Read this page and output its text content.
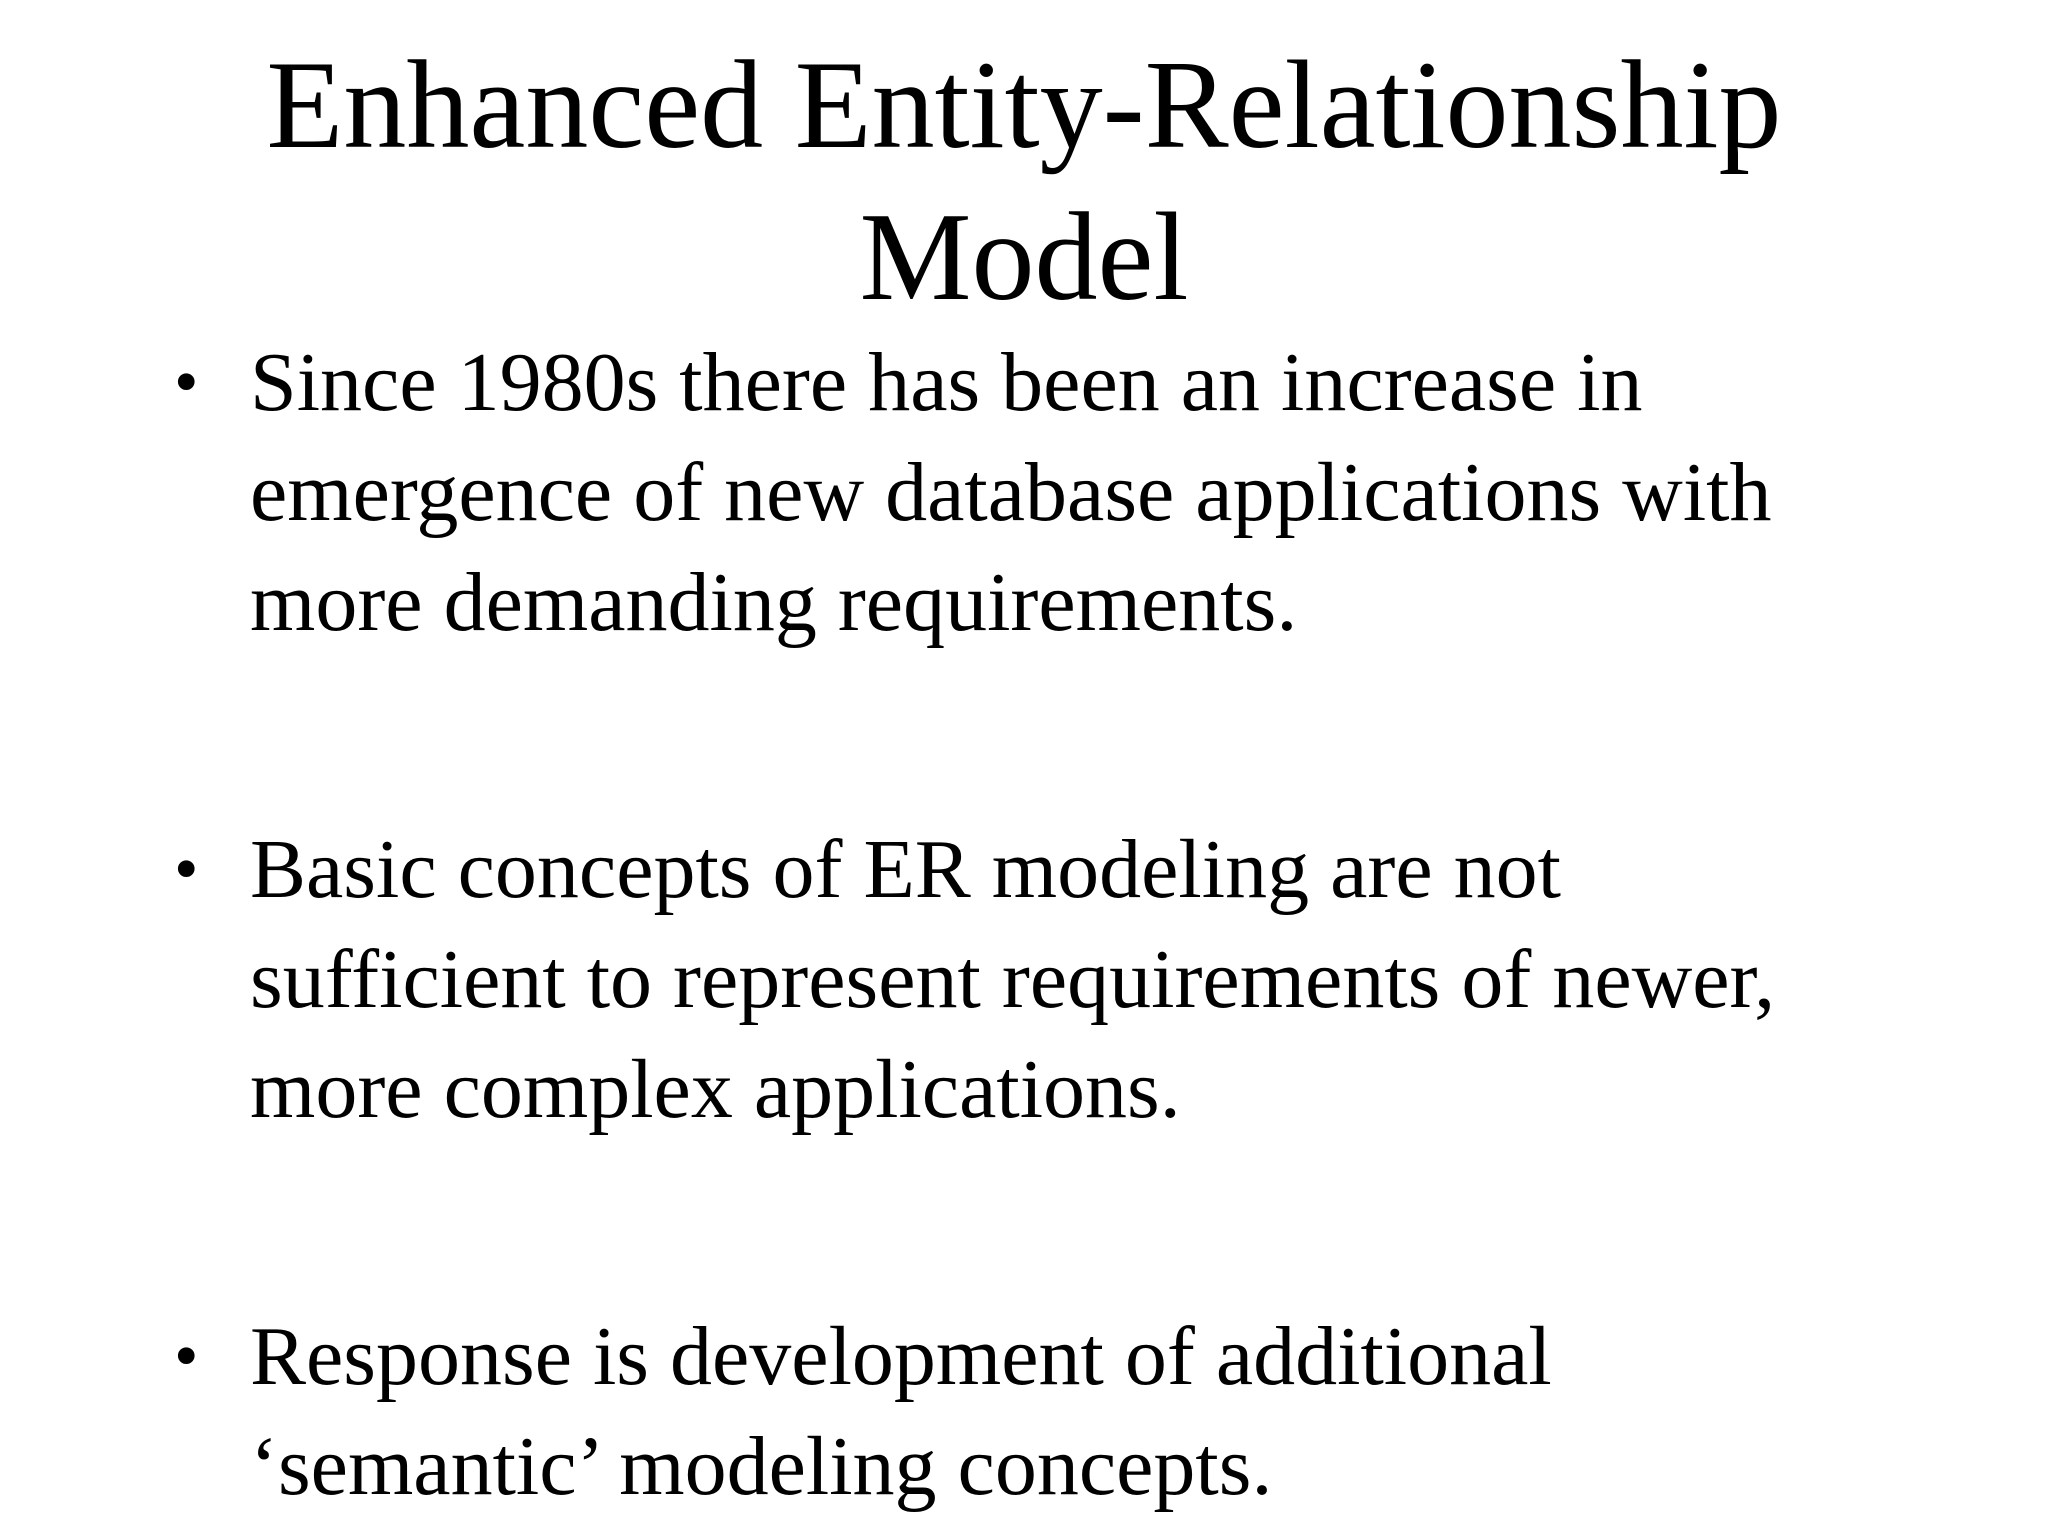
Enhanced Entity-Relationship
Model
• Since 1980s there has been an increase in emergence of new database applications with more demanding requirements.
• Basic concepts of ER modeling are not sufficient to represent requirements of newer, more complex applications.
• Response is development of additional ‘semantic’ modeling concepts.
